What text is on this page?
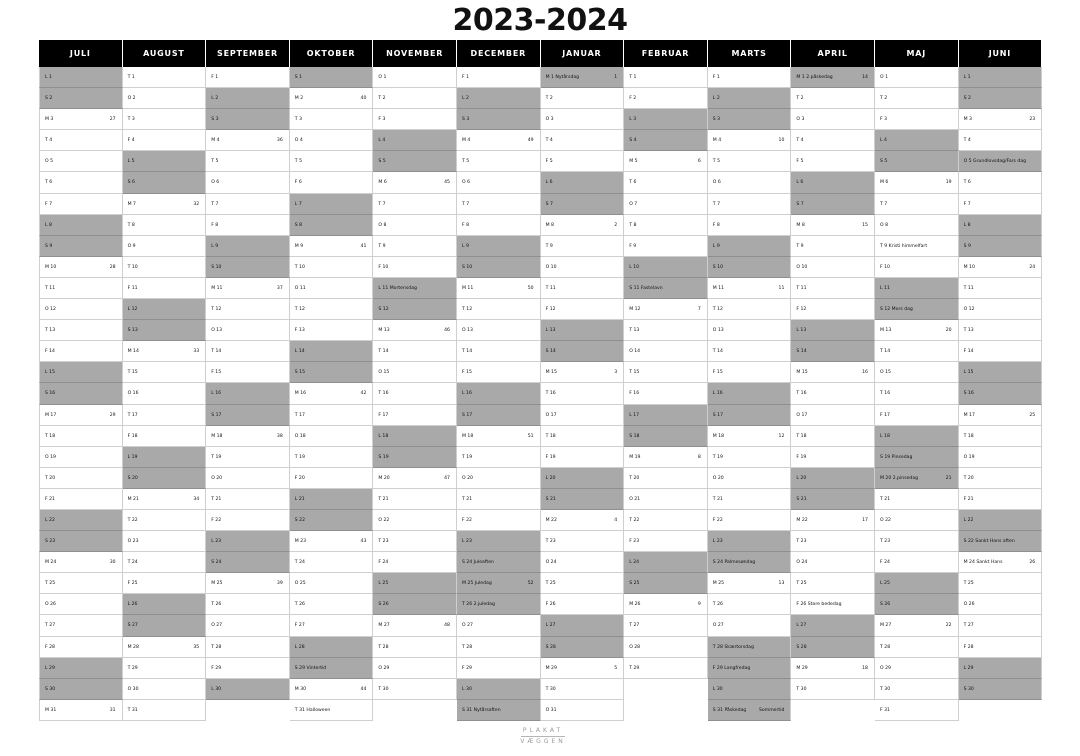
2023-2024
JULI
L 1
S 2
M 3	27
T 4
O 5
T 6
F 7
L 8
S 9
M 10	28
T 11
O 12
T 13
F 14
L 15
S 16
M 17	29
T 18
O 19
T 20
F 21
L 22
S 23
M 24	30
T 25
O 26
T 27
F 28
L 29
S 30
M 31	31
AUGUST
T 1
O 2
T 3
F 4
L 5
S 6
M 7	32
T 8
O 9
T 10
F 11
L 12
S 13
M 14	33
T 15
O 16
T 17
F 18
L 19
S 20
M 21	34
T 22
O 23
T 24
F 25
L 26
S 27
M 28	35
T 29
O 30
T 31
SEPTEMBER
F 1
L 2
S 3
M 4	36
T 5
O 6
T 7
F 8
L 9
S 10
M 11	37
T 12
O 13
T 14
F 15
L 16
S 17
M 18	38
T 19
O 20
T 21
F 22
L 23
S 24
M 25	39
T 26
O 27
T 28
F 29
L 30
OKTOBER
S 1
M 2	40
T 3
O 4
T 5
F 6
L 7
S 8
M 9	41
T 10
O 11
T 12
F 13
L 14
S 15
M 16	42
T 17
O 18
T 19
F 20
L 21
S 22
M 23	43
T 24
O 25
T 26
F 27
L 28
S 29 Vintertid
M 30	44
T 31 Halloween
NOVEMBER
O 1
T 2
F 3
L 4
S 5
M 6	45
T 7
O 8
T 9
F 10
L 11 Mortensdag
S 12
M 13	46
T 14
O 15
T 16
F 17
L 18
S 19
M 20	47
T 21
O 22
T 23
F 24
L 25
S 26
M 27	48
T 28
O 29
T 30
DECEMBER
F 1
L 2
S 3
M 4	49
T 5
O 6
T 7
F 8
L 9
S 10
M 11	50
T 12
O 13
T 14
F 15
L 16
S 17
M 18	51
T 19
O 20
T 21
F 22
L 23
S 24 Juleaften
M 25 Juledag	52
T 26 2.juledag
O 27
T 28
F 29
L 30
S 31 Nytårsaften
JANUAR
M 1 Nytårsdag	1
T 2
O 3
T 4
F 5
L 6
S 7
M 8	2
T 9
O 10
T 11
F 12
L 13
S 14
M 15	3
T 16
O 17
T 18
F 19
L 20
S 21
M 22	4
T 23
O 24
T 25
F 26
L 27
S 28
M 29	5
T 30
O 31
FEBRUAR
T 1
F 2
L 3
S 4
M 5	6
T 6
O 7
T 8
F 9
L 10
S 11 Fastelavn
M 12	7
T 13
O 14
T 15
F 16
L 17
S 18
M 19	8
T 20
O 21
T 22
F 23
L 24
S 25
M 26	9
T 27
O 28
T 29
MARTS
F 1
L 2
S 3
M 4	10
T 5
O 6
T 7
F 8
L 9
S 10
M 11	11
T 12
O 13
T 14
F 15
L 16
S 17
M 18	12
T 19
O 20
T 21
F 22
L 23
S 24 Palmesøndag
M 25	13
T 26
O 27
T 28 Skærtorsdag
F 29 Langfredag
L 30
S 31 Påskedag	Sommertid
APRIL
M 1 2.påskedag	14
T 2
O 3
T 4
F 5
L 6
S 7
M 8	15
T 9
O 10
T 11
F 12
L 13
S 14
M 15	16
T 16
O 17
T 18
F 19
L 20
S 21
M 22	17
T 23
O 24
T 25
F 26 Store bededag
L 27
S 28
M 29	18
T 30
MAJ
O 1
T 2
F 3
L 4
S 5
M 6	19
T 7
O 8
T 9 Kristi himmelfart
F 10
L 11
S 12 Mors dag
M 13	20
T 14
O 15
T 16
F 17
L 18
S 19 Pinsedag
M 20 2.pinsedag	21
T 21
O 22
T 23
F 24
L 25
S 26
M 27	22
T 28
O 29
T 30
F 31
JUNI
L 1
S 2
M 3	23
T 4
O 5 Grundlovsdag/Fars dag
T 6
F 7
L 8
S 9
M 10	24
T 11
O 12
T 13
F 14
L 15
S 16
M 17	25
T 18
O 19
T 20
F 21
L 22
S 22 Sankt Hans aften
M 24 Sankt Hans	26
T 25
O 26
T 27
F 28
L 29
S 30
PLAKAT
VÆGGEN
